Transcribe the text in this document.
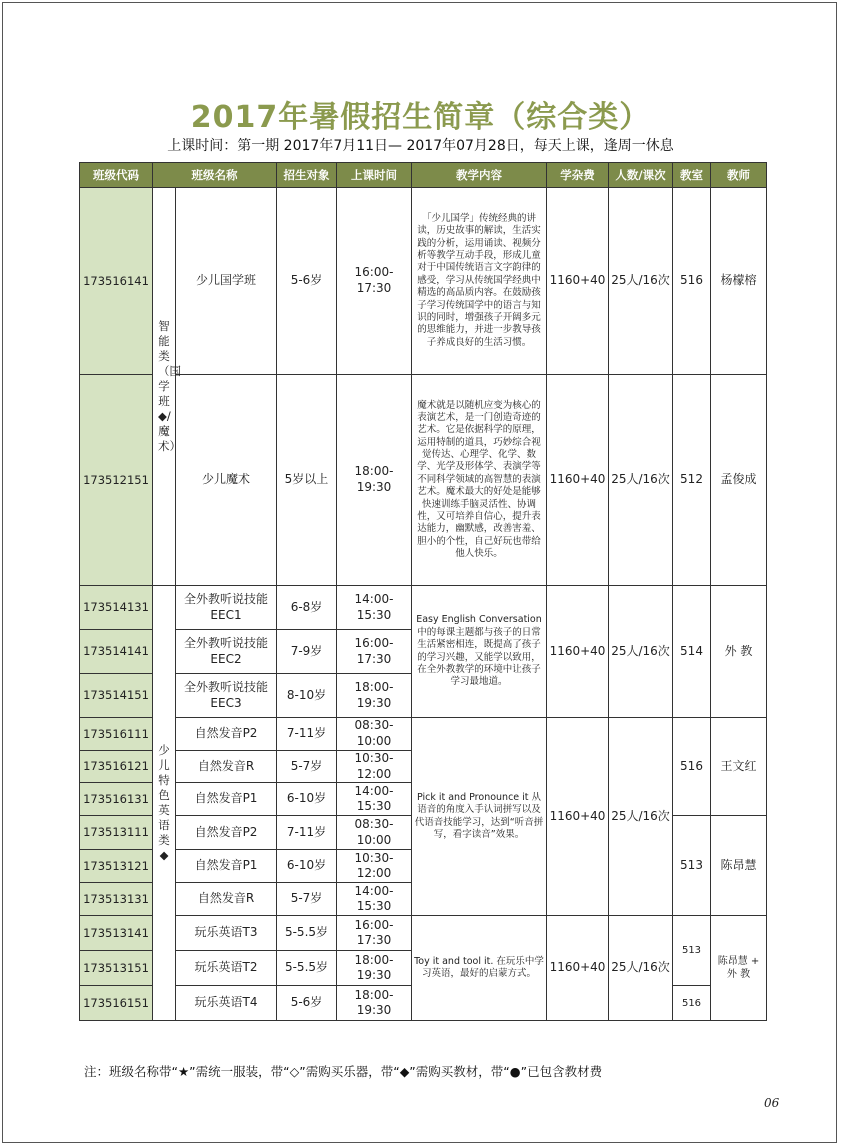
2017年暑假招生简章（综合类）
上课时间：第一期 2017年7月11日— 2017年07月28日，每天上课，逢周一休息
班级代码	班级名称		招生对象	上课时间	教学内容	学杂费	人数/课次	教室	教师
173516141	智能类（国学班◆/魔术）	少儿国学班	5-6岁	16:00-17:30	「少儿国学」传统经典的讲读，历史故事的解读，生活实践的分析，运用诵读、视频分析等教学互动手段，形成儿童对于中国传统语言文字韵律的感受，学习从传统国学经典中精选的高品质内容。在鼓励孩子学习传统国学中的语言与知识的同时，增强孩子开阔多元的思维能力，并进一步教导孩子养成良好的生活习惯。	1160+40	25人/16次	516	杨檬榕
173512151		少儿魔术	5岁以上	18:00-19:30	魔术就是以随机应变为核心的表演艺术，是一门创造奇迹的艺术。它是依据科学的原理，运用特制的道具，巧妙综合视觉传达、心理学、化学、数学、光学及形体学、表演学等不同科学领域的高智慧的表演艺术。魔术最大的好处是能够快速训练手脑灵活性、协调性，又可培养自信心，提升表达能力，幽默感，改善害羞、胆小的个性，自己好玩也带给他人快乐。	1160+40	25人/16次	512	孟俊成
173514131	少儿特色英语类◆	全外教听说技能EEC1	6-8岁	14:00-15:30	Easy English Conversation 中的每课主题都与孩子的日常生活紧密相连，既提高了孩子的学习兴趣，又能学以致用，在全外教教学的环境中让孩子学习最地道。	1160+40	25人/16次	514	外 教
173514141		全外教听说技能EEC2	7-9岁	16:00-17:30					
173514151		全外教听说技能EEC3	8-10岁	18:00-19:30					
173516111		自然发音P2	7-11岁	08:30-10:00	Pick it and Pronounce it 从语音的角度入手认词拼写以及代语音技能学习，达到“听音拼写，看字读音”效果。	1160+40	25人/16次	516	王文红
173516121		自然发音R	5-7岁	10:30-12:00					
173516131		自然发音P1	6-10岁	14:00-15:30					
173513111		自然发音P2	7-11岁	08:30-10:00				513	陈昂慧
173513121		自然发音P1	6-10岁	10:30-12:00					
173513131		自然发音R	5-7岁	14:00-15:30					
173513141		玩乐英语T3	5-5.5岁	16:00-17:30	Toy it and tool it. 在玩乐中学习英语，最好的启蒙方式。	1160+40	25人/16次	513	陈昂慧 + 外 教
173513151		玩乐英语T2	5-5.5岁	18:00-19:30					
173516151		玩乐英语T4	5-6岁	18:00-19:30				516	
注：班级名称带“★”需统一服装，带“◇”需购买乐器，带“◆”需购买教材，带“●”已包含教材费
06
